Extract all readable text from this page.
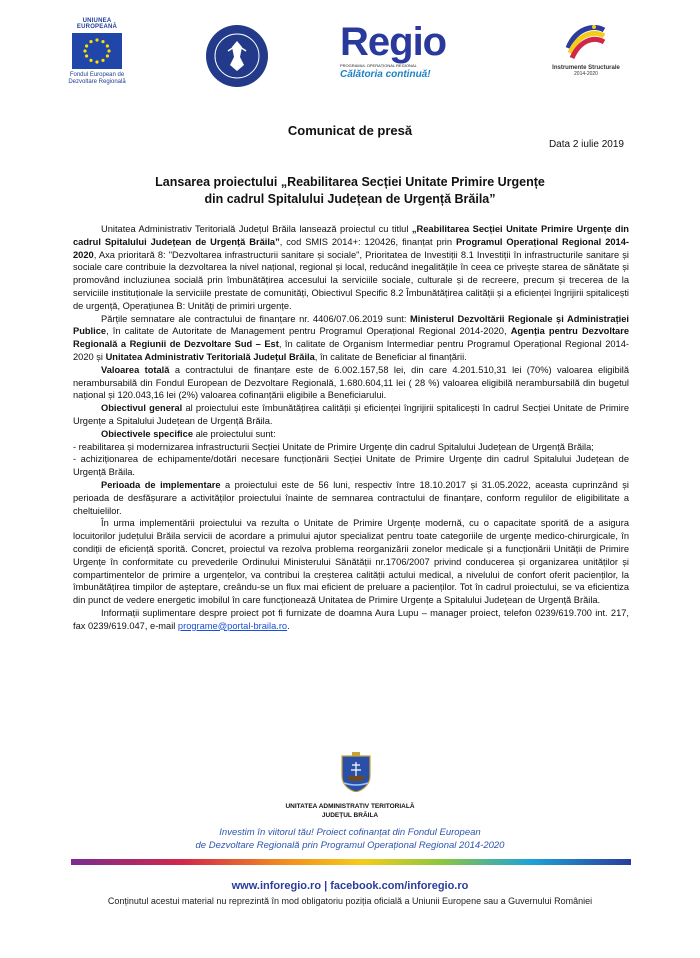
UNIUNEA EUROPEANĂ
Fondul European de
Dezvoltare Regională
Regio
PROGRAMUL OPERAȚIONAL REGIONAL
Călătoria continuă!
Instrumente Structurale
2014-2020
Comunicat de presă
Data 2 iulie 2019
Lansarea proiectului „Reabilitarea Secției Unitate Primire Urgențe
din cadrul Spitalului Județean de Urgență Brăila”

Unitatea Administrativ Teritorială Județul Brăila lansează proiectul cu titlul „Reabilitarea Secției Unitate Primire Urgențe din cadrul Spitalului Județean de Urgență Brăila”, cod SMIS 2014+: 120426, finanțat prin Programul Operațional Regional 2014-2020, Axa prioritară 8: "Dezvoltarea infrastructurii sanitare și sociale", Prioritatea de Investiții 8.1 Investiții în infrastructurile sanitare și sociale care contribuie la dezvoltarea la nivel național, regional și local, reducând inegalitățile în ceea ce privește starea de sănătate și promovând incluziunea socială prin îmbunătățirea accesului la serviciile sociale, culturale și de recreere, precum și trecerea de la serviciile instituționale la serviciile prestate de comunități, Obiectivul Specific 8.2 Îmbunătățirea calității și a eficienței îngrijirii spitalicești de urgență, Operațiunea B: Unități de primiri urgențe.

Părțile semnatare ale contractului de finanțare nr. 4406/07.06.2019 sunt: Ministerul Dezvoltării Regionale și Administrației Publice, în calitate de Autoritate de Management pentru Programul Operațional Regional 2014-2020, Agenția pentru Dezvoltare Regională a Regiunii de Dezvoltare Sud – Est, în calitate de Organism Intermediar pentru Programul Operațional Regional 2014-2020 și Unitatea Administrativ Teritorială Județul Brăila, în calitate de Beneficiar al finanțării.

Valoarea totală a contractului de finanțare este de 6.002.157,58 lei, din care 4.201.510,31 lei (70%) valoarea eligibilă nerambursabilă din Fondul European de Dezvoltare Regională, 1.680.604,11 lei ( 28 %) valoarea eligibilă nerambursabilă din bugetul național și 120.043,16 lei (2%) valoarea cofinanțării eligibile a Beneficiarului.

Obiectivul general al proiectului este îmbunătățirea calității și eficienței îngrijirii spitalicești în cadrul Secției Unitate de Primire Urgențe a Spitalului Județean de Urgență Brăila.

Obiectivele specifice ale proiectului sunt:

- reabilitarea și modernizarea infrastructurii Secției Unitate de Primire Urgențe din cadrul Spitalului Județean de Urgență Brăila;

- achiziționarea de echipamente/dotări necesare funcționării Secției Unitate de Primire Urgențe din cadrul Spitalului Județean de Urgență Brăila.

Perioada de implementare a proiectului este de 56 luni, respectiv între 18.10.2017 și 31.05.2022, aceasta cuprinzând și perioada de desfășurare a activităților proiectului înainte de semnarea contractului de finanțare, conform regulilor de eligibilitate a cheltuielilor.

În urma implementării proiectului va rezulta o Unitate de Primire Urgențe modernă, cu o capacitate sporită de a asigura locuitorilor județului Brăila servicii de acordare a primului ajutor specializat pentru toate categoriile de urgențe medico-chirurgicale, în condiții de eficiență sporită. Concret, proiectul va rezolva problema reorganizării zonelor medicale și a funcționării Unității de Primire Urgențe în conformitate cu prevederile Ordinului Ministerului Sănătății nr.1706/2007 privind conducerea și organizarea unităților și compartimentelor de primire a urgențelor, va contribui la creșterea calității actului medical, a nivelului de confort oferit pacienților, la îmbunătățirea timpilor de așteptare, creându-se un flux mai eficient de preluare a pacienților. Tot în cadrul proiectului, se va eficientiza din punct de vedere energetic imobilul în care funcționează Unitatea de Primire Urgențe a Spitalului Județean de Urgență Brăila.

Informații suplimentare despre proiect pot fi furnizate de doamna Aura Lupu – manager proiect, telefon 0239/619.700 int. 217, fax 0239/619.047, e-mail programe@portal-braila.ro.

UNITATEA ADMINISTRATIV TERITORIALĂ
JUDEȚUL BRĂILA
Investim în viitorul tău! Proiect cofinanțat din Fondul European
de Dezvoltare Regională prin Programul Operațional Regional 2014-2020
www.inforegio.ro | facebook.com/inforegio.ro
Conținutul acestui material nu reprezintă în mod obligatoriu poziția oficială a Uniunii Europene sau a Guvernului României
